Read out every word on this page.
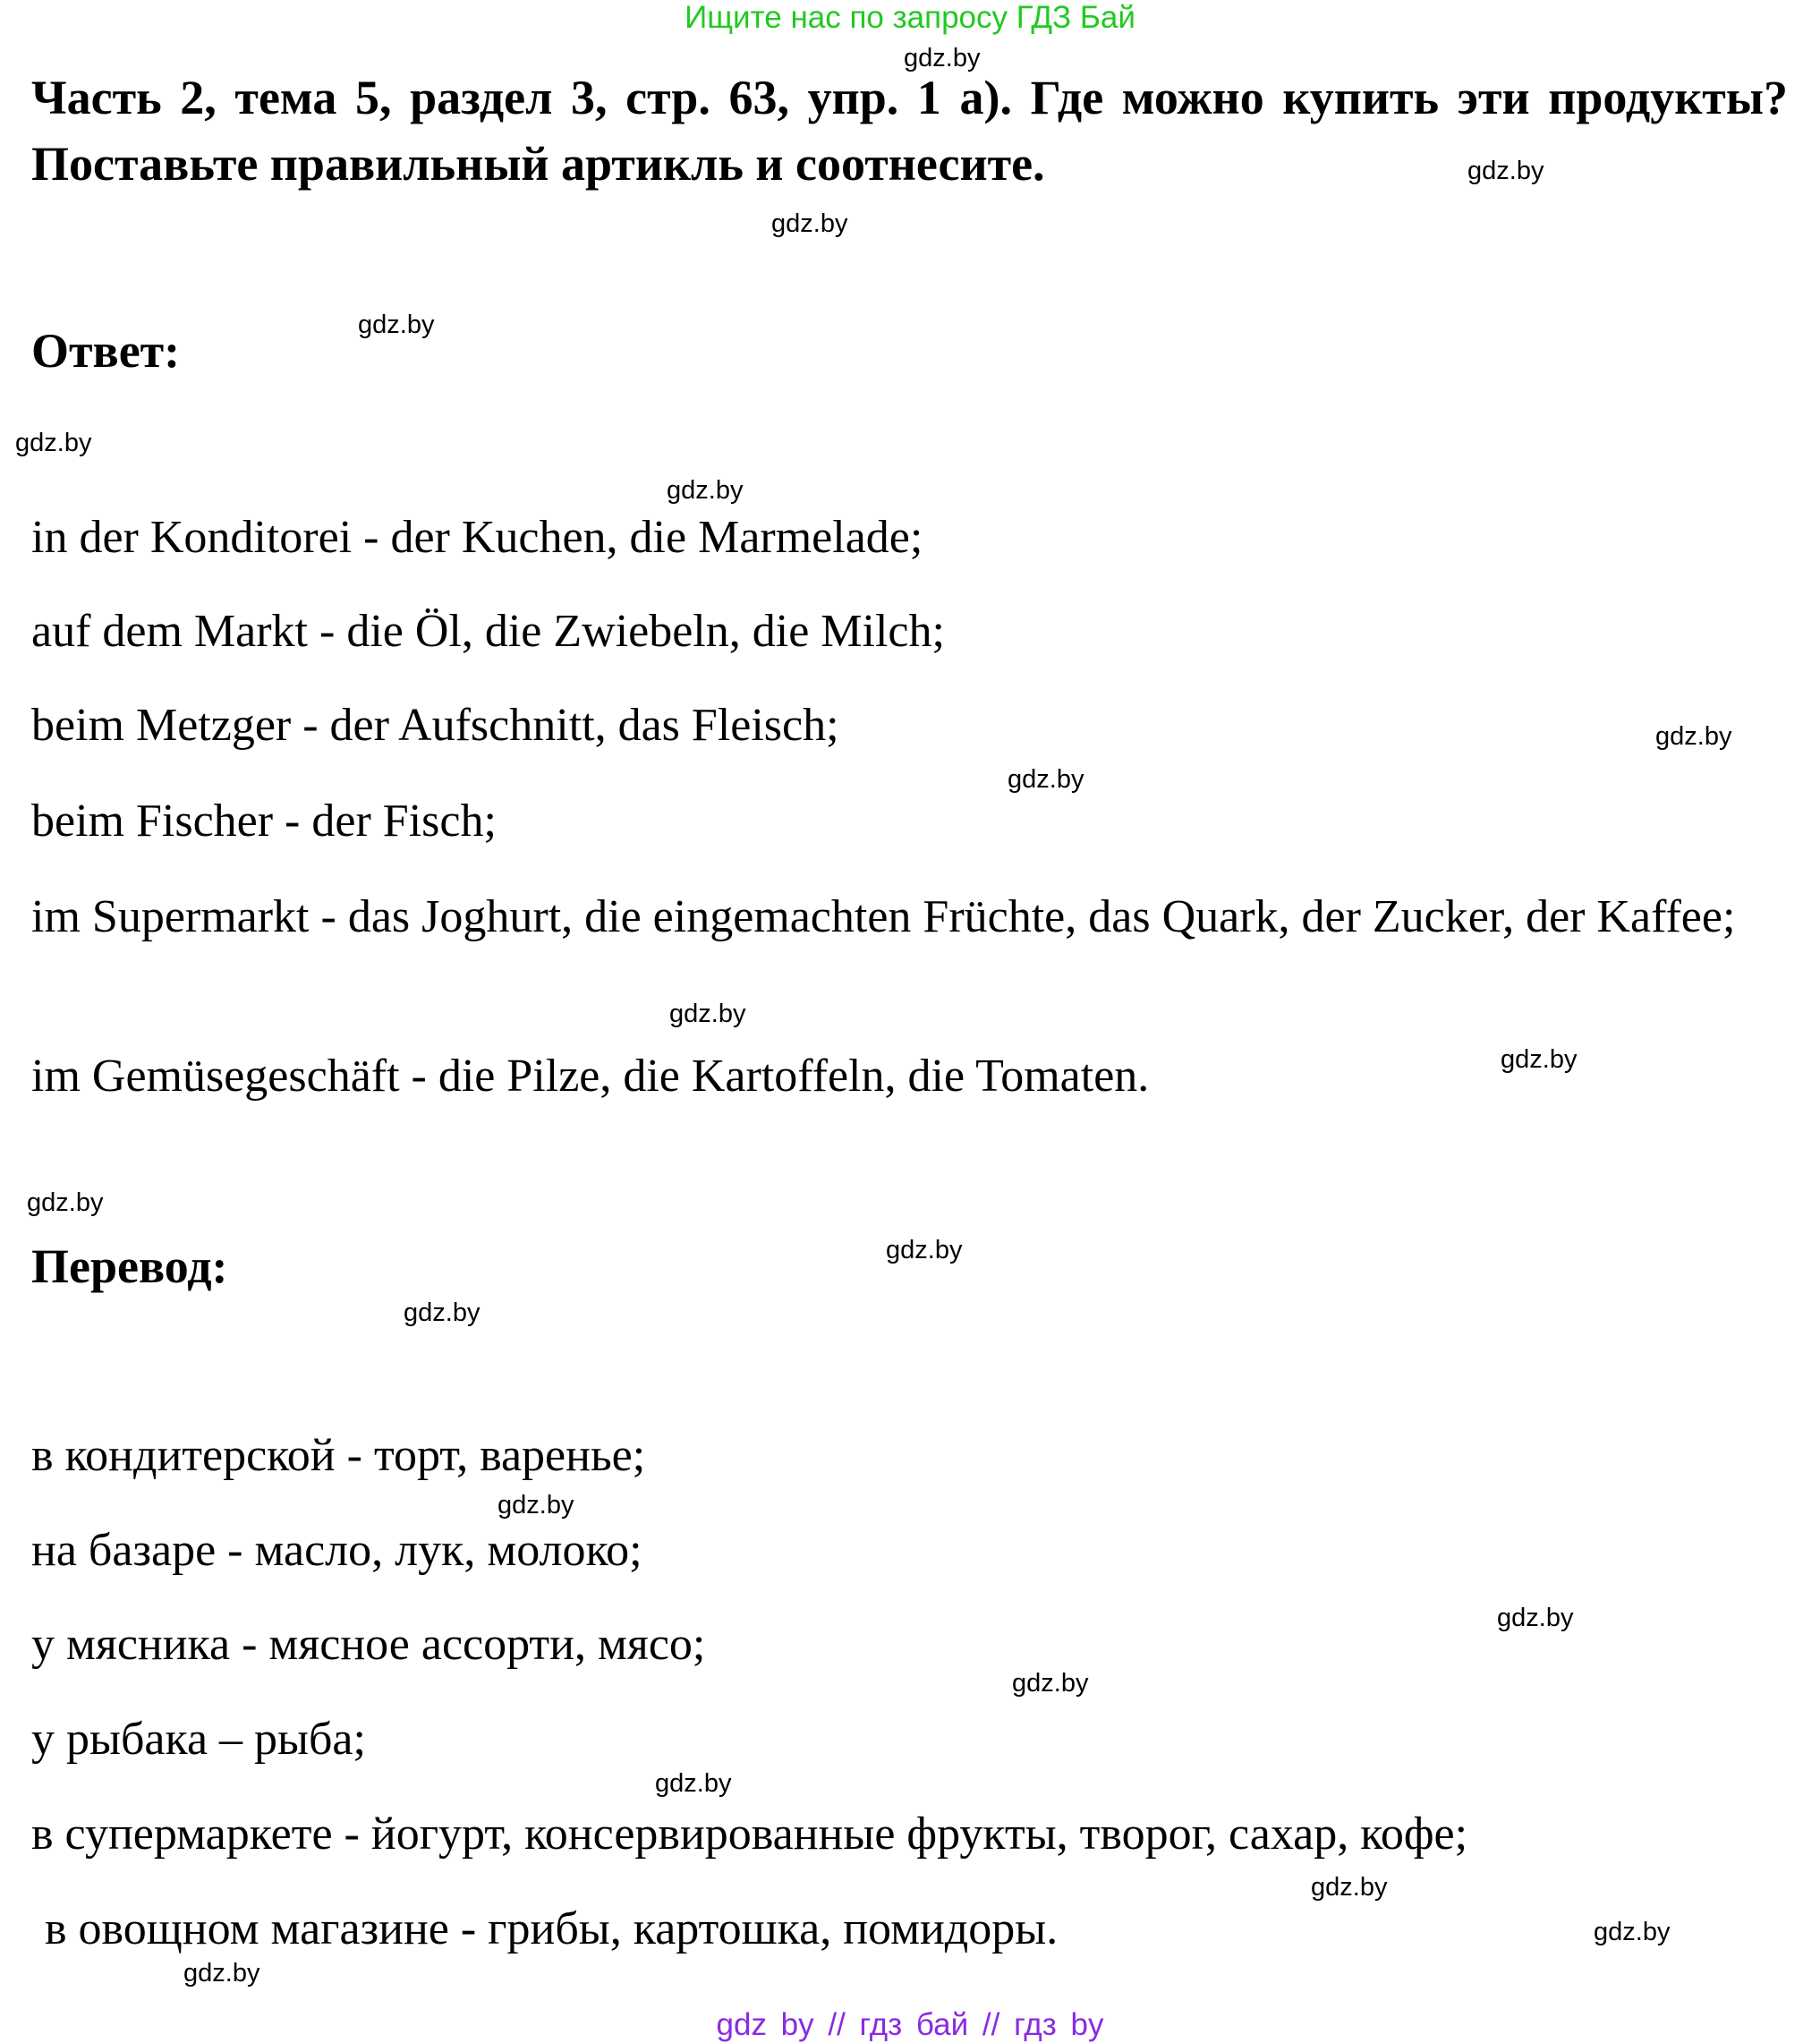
Ищите нас по запросу ГДЗ Бай
Часть 2, тема 5, раздел 3, стр. 63, упр. 1 а). Где можно купить эти продукты? Поставьте правильный артикль и соотнесите.
Ответ:
in der Konditorei - der Kuchen, die Marmelade;
auf dem Markt - die Öl, die Zwiebeln, die Milch;
beim Metzger - der Aufschnitt, das Fleisch;
beim Fischer - der Fisch;
im Supermarkt - das Joghurt, die eingemachten Früchte, das Quark, der Zucker, der Kaffee;
im Gemüsegeschäft - die Pilze, die Kartoffeln, die Tomaten.
Перевод:
в кондитерской - торт, варенье;
на базаре - масло, лук, молоко;
у мясника - мясное ассорти, мясо;
у рыбака – рыба;
в супермаркете - йогурт, консервированные фрукты, творог, сахар, кофе;
в овощном магазине - грибы, картошка, помидоры.
gdz.by
gdz.by
gdz.by
gdz.by
gdz.by
gdz.by
gdz.by
gdz.by
gdz.by
gdz.by
gdz.by
gdz.by
gdz.by
gdz.by
gdz.by
gdz.by
gdz.by
gdz.by
gdz.by
gdz.by
gdz by // гдз бай // гдз by
